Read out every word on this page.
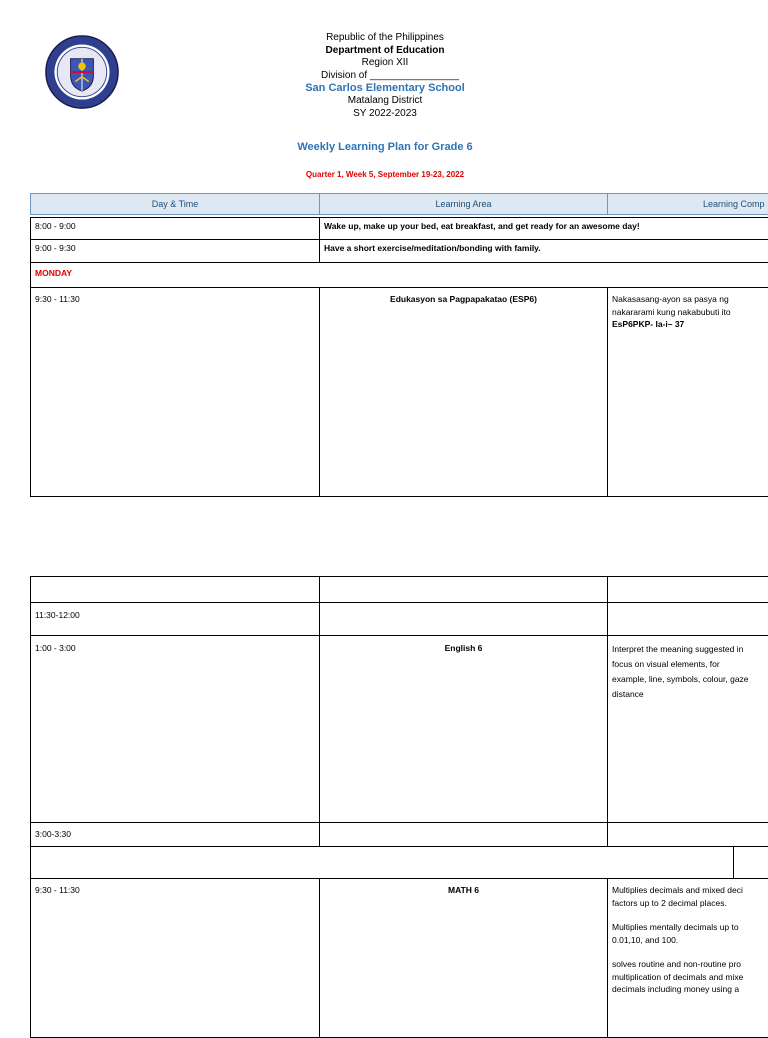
Republic of the Philippines
Department of Education
Region XII
Division of ________________
San Carlos Elementary School
Matalang District
SY 2022-2023
Weekly Learning Plan for Grade 6
Quarter 1, Week 5, September 19-23, 2022
Day & Time	Learning Area	Learning Comp
8:00 - 9:00	Wake up, make up your bed, eat breakfast, and get ready for an awesome day!
9:00 - 9:30	Have a short exercise/meditation/bonding with family.
MONDAY
9:30 - 11:30	Edukasyon sa Pagpapakatao (ESP6)	Nakasasang-ayon sa pasya ng
nakararami kung nakabubuti ito
EsP6PKP- Ia-i– 37
11:30-12:00
1:00 - 3:00	English 6	Interpret the meaning suggested in
focus on visual elements, for
example, line, symbols, colour, gaze
distance
3:00-3:30
9:30 - 11:30	MATH 6	Multiplies decimals and mixed deci
factors up to 2 decimal places.

Multiplies mentally decimals up to
0.01,10, and 100.

solves routine and non-routine pro
multiplication of decimals and mixe
decimals including money using a
